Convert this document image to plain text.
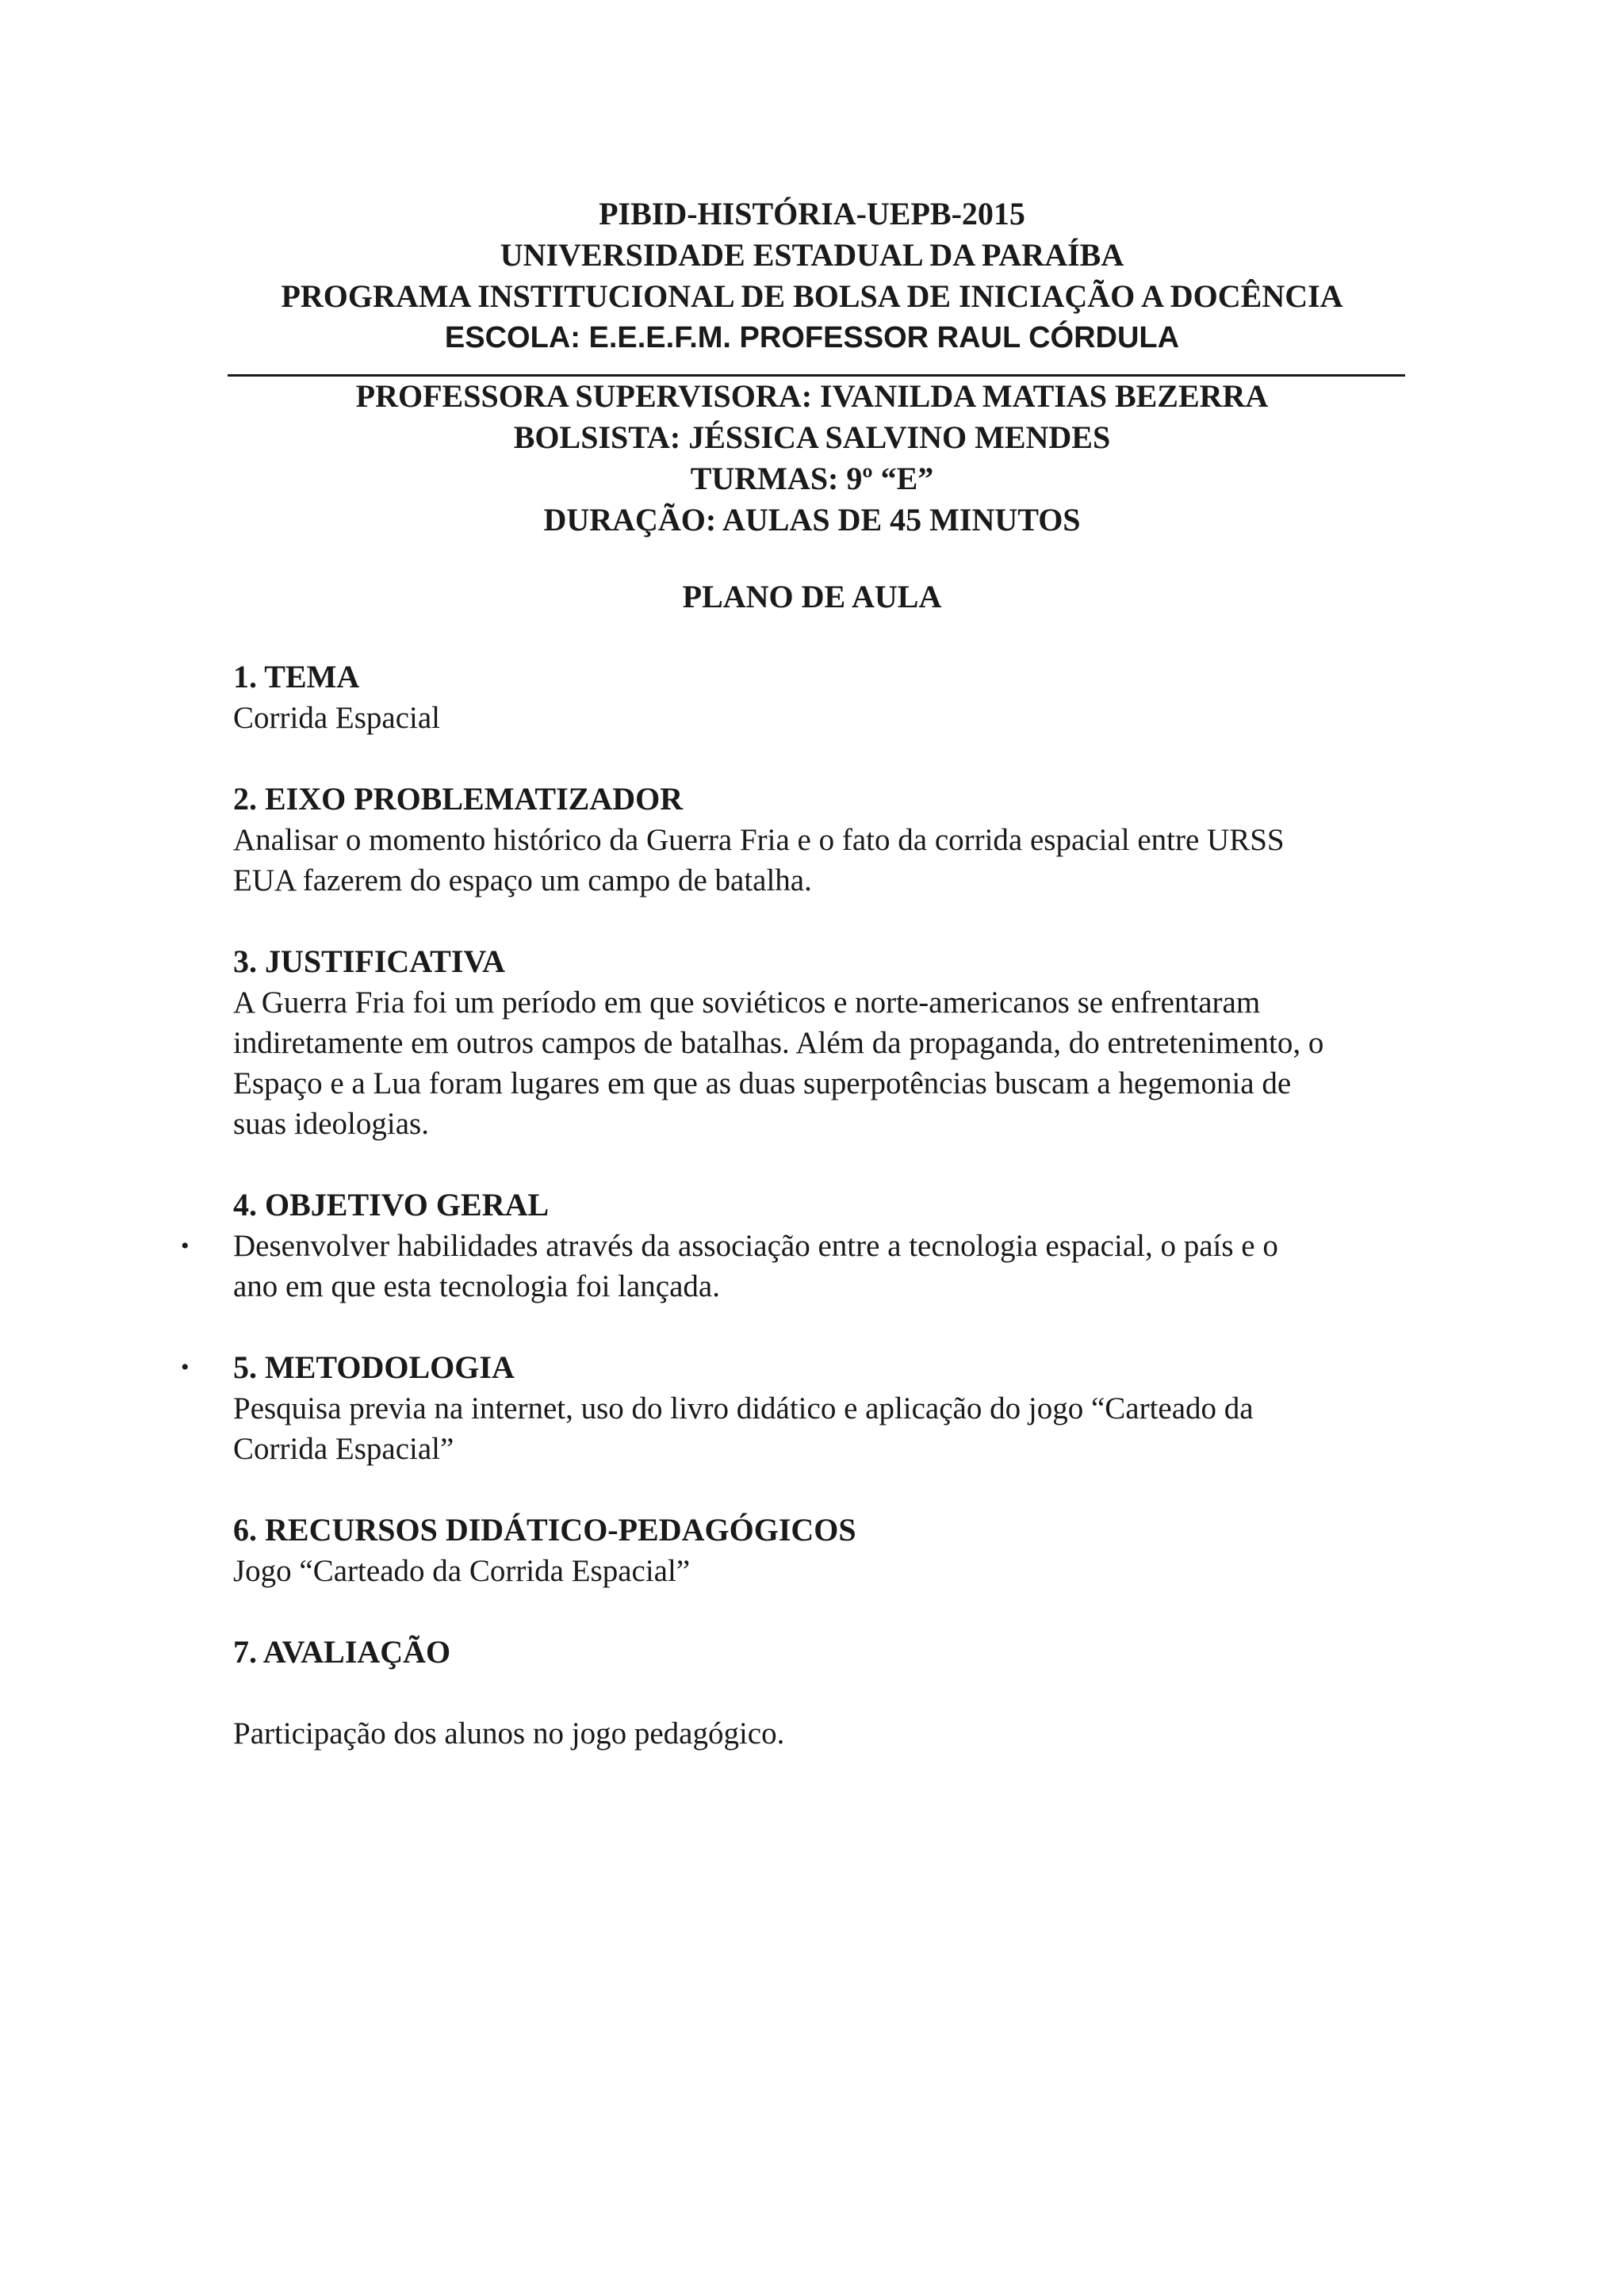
PIBID-HISTÓRIA-UEPB-2015
UNIVERSIDADE ESTADUAL DA PARAÍBA
PROGRAMA INSTITUCIONAL DE BOLSA DE INICIAÇÃO A DOCÊNCIA
ESCOLA: E.E.E.F.M. PROFESSOR RAUL CÓRDULA
PROFESSORA SUPERVISORA: IVANILDA MATIAS BEZERRA
BOLSISTA: JÉSSICA SALVINO MENDES
TURMAS: 9º “E”
DURAÇÃO: AULAS DE 45 MINUTOS
PLANO DE AULA
1. TEMA
Corrida Espacial
2. EIXO PROBLEMATIZADOR
Analisar o momento histórico da Guerra Fria e o fato da corrida espacial entre URSS
EUA fazerem do espaço um campo de batalha.
3. JUSTIFICATIVA
A Guerra Fria foi um período em que soviéticos e norte-americanos se enfrentaram
indiretamente em outros campos de batalhas. Além da propaganda, do entretenimento, o
Espaço e a Lua foram lugares em que as duas superpotências buscam a hegemonia de
suas ideologias.
4. OBJETIVO GERAL
• Desenvolver habilidades através da associação entre a tecnologia espacial, o país e o
ano em que esta tecnologia foi lançada.
• 5. METODOLOGIA
Pesquisa previa na internet, uso do livro didático e aplicação do jogo “Carteado da
Corrida Espacial”
6. RECURSOS DIDÁTICO-PEDAGÓGICOS
Jogo “Carteado da Corrida Espacial”
7. AVALIAÇÃO
Participação dos alunos no jogo pedagógico.
